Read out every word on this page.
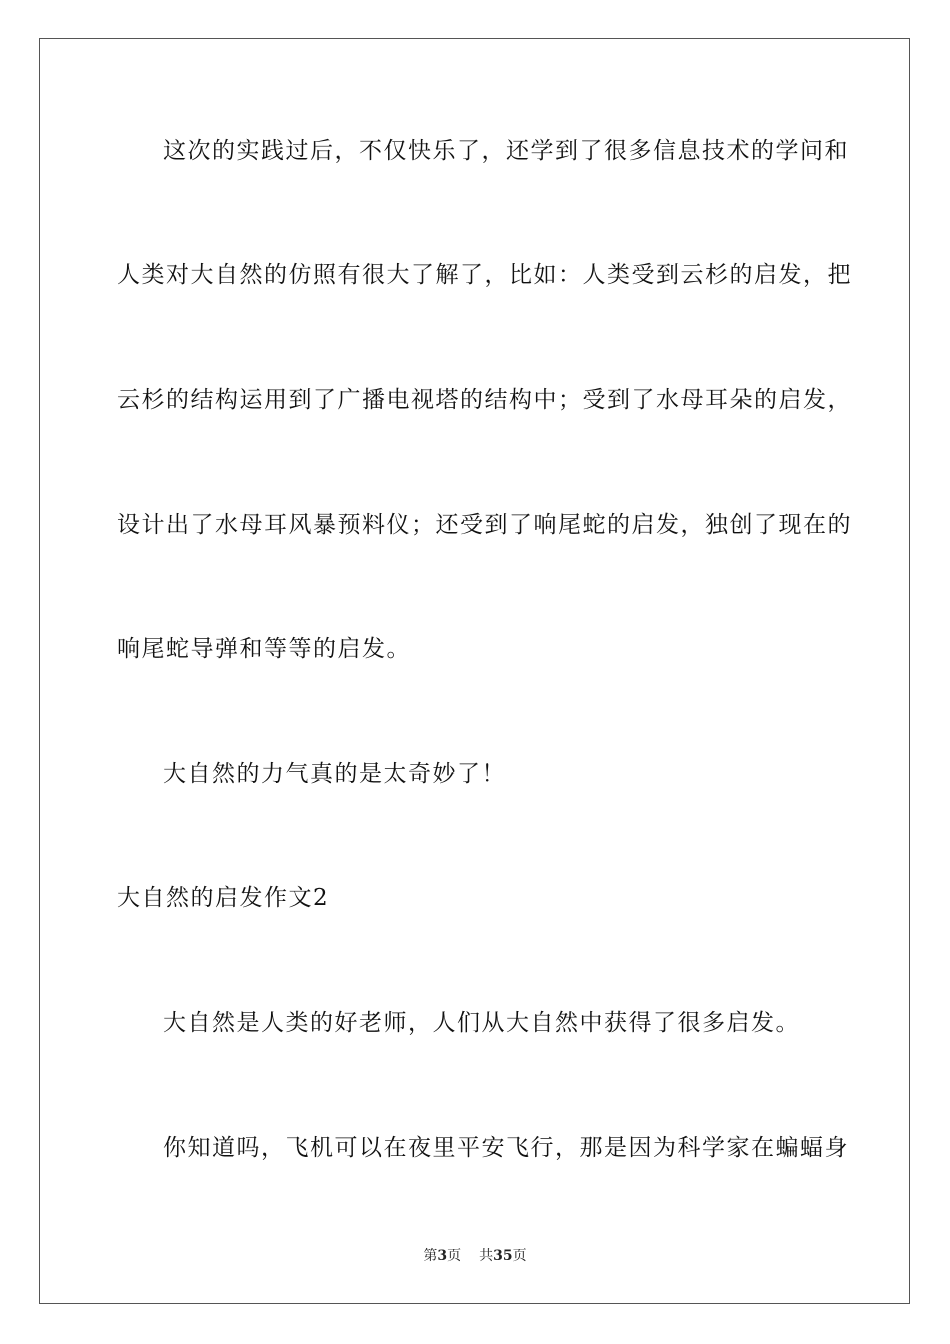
这次的实践过后，不仅快乐了，还学到了很多信息技术的学问和
人类对大自然的仿照有很大了解了，比如：人类受到云杉的启发，把
云杉的结构运用到了广播电视塔的结构中；受到了水母耳朵的启发，
设计出了水母耳风暴预料仪；还受到了响尾蛇的启发，独创了现在的
响尾蛇导弹和等等的启发。
大自然的力气真的是太奇妙了！
大自然的启发作文2
大自然是人类的好老师，人们从大自然中获得了很多启发。
你知道吗，飞机可以在夜里平安飞行，那是因为科学家在蝙蝠身
第3页 共35页
